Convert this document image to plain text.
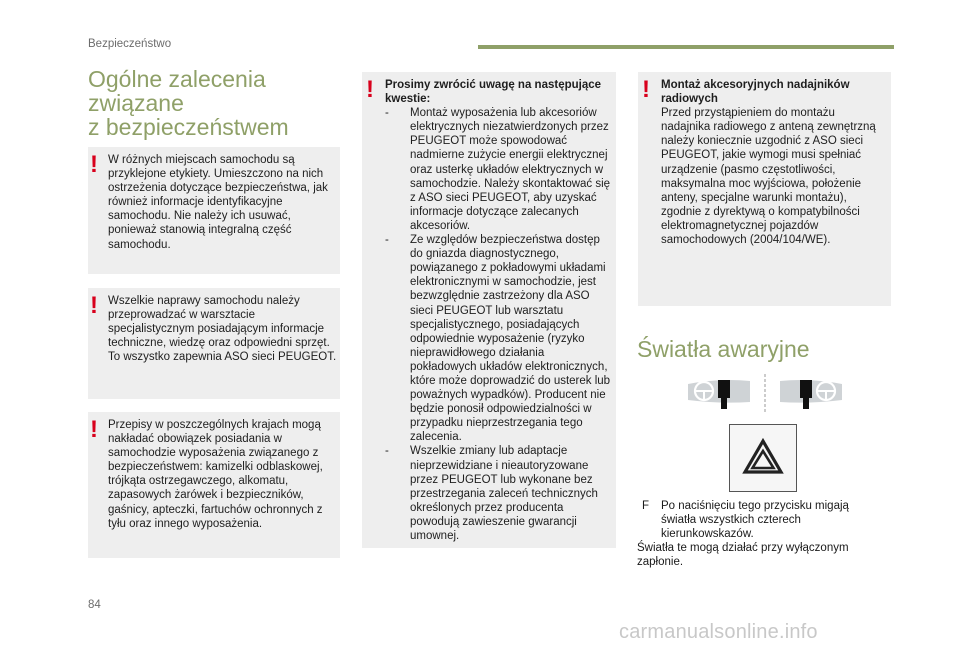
Bezpieczeństwo
Ogólne zalecenia
związane
z bezpieczeństwem
! W różnych miejscach samochodu są przyklejone etykiety. Umieszczono na nich ostrzeżenia dotyczące bezpieczeństwa, jak również informacje identyfikacyjne samochodu. Nie należy ich usuwać, ponieważ stanowią integralną część samochodu.
! Wszelkie naprawy samochodu należy przeprowadzać w warsztacie specjalistycznym posiadającym informacje techniczne, wiedzę oraz odpowiedni sprzęt. To wszystko zapewnia ASO sieci PEUGEOT.
! Przepisy w poszczególnych krajach mogą nakładać obowiązek posiadania w samochodzie wyposażenia związanego z bezpieczeństwem: kamizelki odblaskowej, trójkąta ostrzegawczego, alkomatu, zapasowych żarówek i bezpieczników, gaśnicy, apteczki, fartuchów ochronnych z tyłu oraz innego wyposażenia.
! Prosimy zwrócić uwagę na następujące kwestie:
- Montaż wyposażenia lub akcesoriów elektrycznych niezatwierdzonych przez PEUGEOT może spowodować nadmierne zużycie energii elektrycznej oraz usterkę układów elektrycznych w samochodzie. Należy skontaktować się z ASO sieci PEUGEOT, aby uzyskać informacje dotyczące zalecanych akcesoriów.
- Ze względów bezpieczeństwa dostęp do gniazda diagnostycznego, powiązanego z pokładowymi układami elektronicznymi w samochodzie, jest bezwzględnie zastrzeżony dla ASO sieci PEUGEOT lub warsztatu specjalistycznego, posiadających odpowiednie wyposażenie (ryzyko nieprawidłowego działania pokładowych układów elektronicznych, które może doprowadzić do usterek lub poważnych wypadków). Producent nie będzie ponosił odpowiedzialności w przypadku nieprzestrzegania tego zalecenia.
- Wszelkie zmiany lub adaptacje nieprzewidziane i nieautoryzowane przez PEUGEOT lub wykonane bez przestrzegania zaleceń technicznych określonych przez producenta powodują zawieszenie gwarancji umownej.
! Montaż akcesoryjnych nadajników radiowych
Przed przystąpieniem do montażu nadajnika radiowego z anteną zewnętrzną należy koniecznie uzgodnić z ASO sieci PEUGEOT, jakie wymogi musi spełniać urządzenie (pasmo częstotliwości, maksymalna moc wyjściowa, położenie anteny, specjalne warunki montażu), zgodnie z dyrektywą o kompatybilności elektromagnetycznej pojazdów samochodowych (2004/104/WE).
Światła awaryjne
F Po naciśnięciu tego przycisku migają światła wszystkich czterech kierunkowskazów.
Światła te mogą działać przy wyłączonym zapłonie.
84
carmanualsonline.info
